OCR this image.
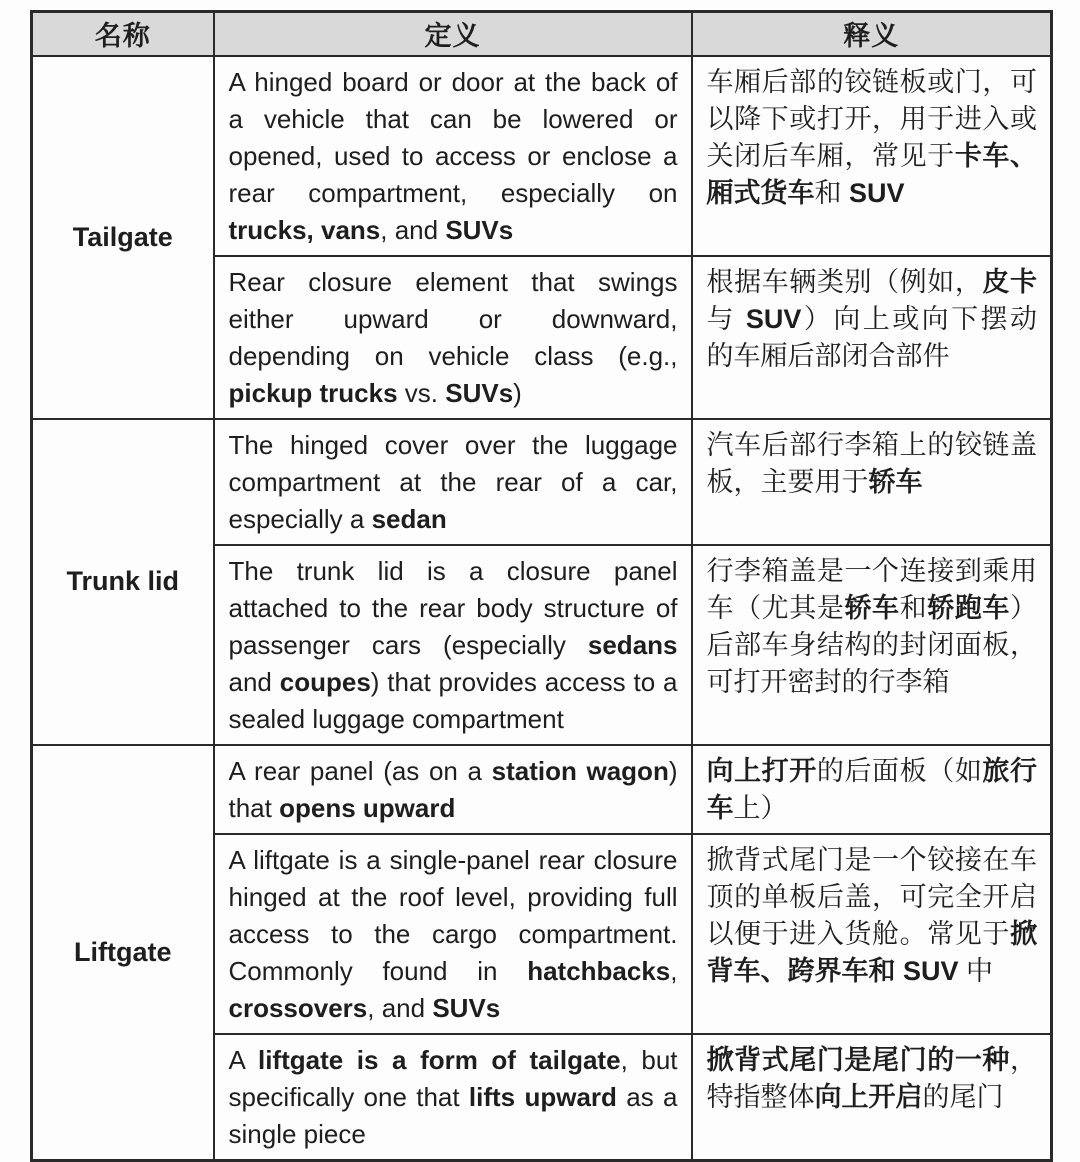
名称	定义	释义
Tailgate	A hinged board or door at the back of a vehicle that can be lowered or opened, used to access or enclose a rear compartment, especially on trucks, vans, and SUVs	车厢后部的铰链板或门，可以降下或打开，用于进入或关闭后车厢，常见于卡车、厢式货车和 SUV
	Rear closure element that swings either upward or downward, depending on vehicle class (e.g., pickup trucks vs. SUVs)	根据车辆类别（例如，皮卡与 SUV）向上或向下摆动的车厢后部闭合部件
Trunk lid	The hinged cover over the luggage compartment at the rear of a car, especially a sedan	汽车后部行李箱上的铰链盖板，主要用于轿车
	The trunk lid is a closure panel attached to the rear body structure of passenger cars (especially sedans and coupes) that provides access to a sealed luggage compartment	行李箱盖是一个连接到乘用车（尤其是轿车和轿跑车）后部车身结构的封闭面板，可打开密封的行李箱
Liftgate	A rear panel (as on a station wagon) that opens upward	向上打开的后面板（如旅行车上）
	A liftgate is a single-panel rear closure hinged at the roof level, providing full access to the cargo compartment. Commonly found in hatchbacks, crossovers, and SUVs	掀背式尾门是一个铰接在车顶的单板后盖，可完全开启以便于进入货舱。常见于掀背车、跨界车和 SUV 中
	A liftgate is a form of tailgate, but specifically one that lifts upward as a single piece	掀背式尾门是尾门的一种，特指整体向上开启的尾门
